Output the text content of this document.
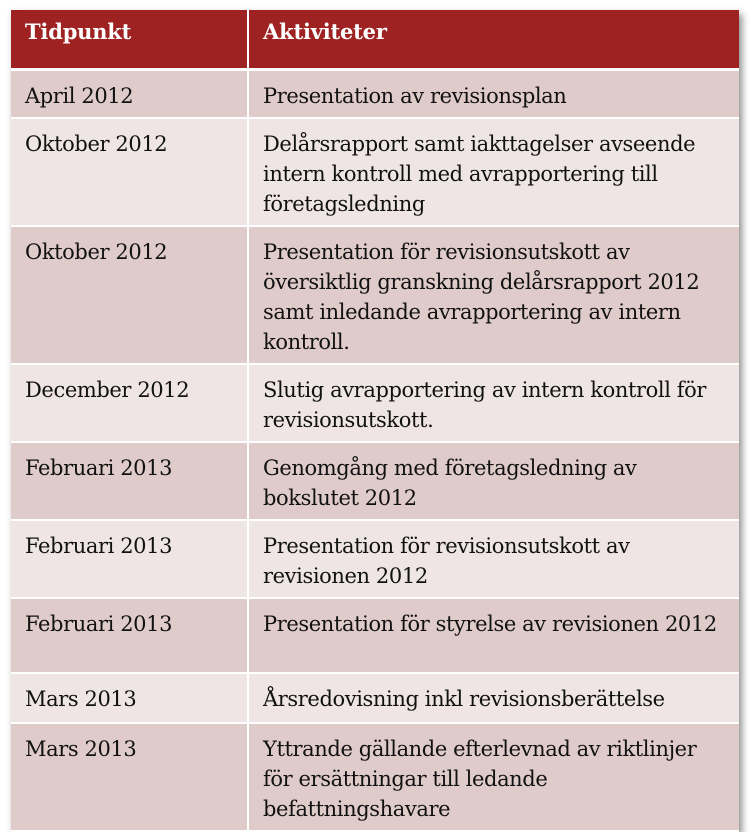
Tidpunkt	Aktiviteter
April 2012	Presentation av revisionsplan
Oktober 2012	Delårsrapport samt iakttagelser avseende intern kontroll med avrapportering till företagsledning
Oktober 2012	Presentation för revisionsutskott av översiktlig granskning delårsrapport 2012 samt inledande avrapportering av intern kontroll.
December 2012	Slutig avrapportering av intern kontroll för revisionsutskott.
Februari 2013	Genomgång med företagsledning av bokslutet 2012
Februari 2013	Presentation för revisionsutskott av revisionen 2012
Februari 2013	Presentation för styrelse av revisionen 2012
Mars 2013	Årsredovisning inkl revisionsberättelse
Mars 2013	Yttrande gällande efterlevnad av riktlinjer för ersättningar till ledande befattningshavare
